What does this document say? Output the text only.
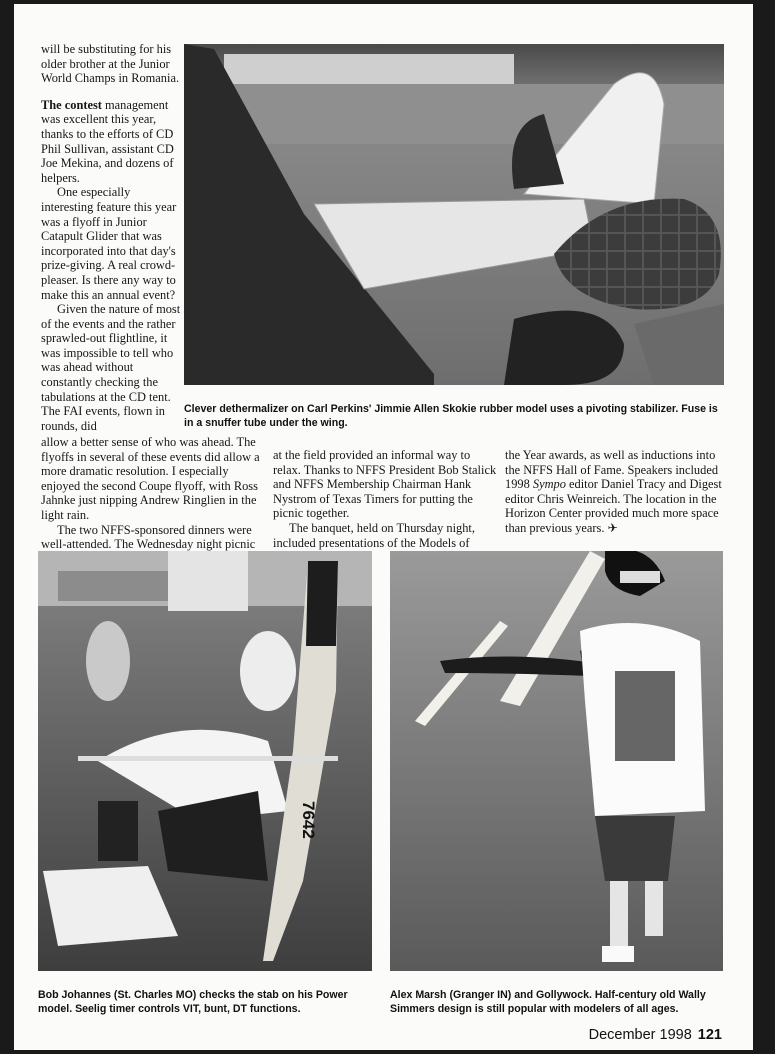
will be substituting for his older brother at the Junior World Champs in Romania.

The contest management was excellent this year, thanks to the efforts of CD Phil Sullivan, assistant CD Joe Mekina, and dozens of helpers.

One especially interesting feature this year was a flyoff in Junior Catapult Glider that was incorporated into that day's prize-giving. A real crowd-pleaser. Is there any way to make this an annual event?

Given the nature of most of the events and the rather sprawled-out flightline, it was impossible to tell who was ahead without constantly checking the tabulations at the CD tent. The FAI events, flown in rounds, did

Clever dethermalizer on Carl Perkins' Jimmie Allen Skokie rubber model uses a pivoting stabilizer. Fuse is in a snuffer tube under the wing.

allow a better sense of who was ahead. The flyoffs in several of these events did allow a more dramatic resolution. I especially enjoyed the second Coupe flyoff, with Ross Jahnke just nipping Andrew Ringlien in the light rain.

The two NFFS-sponsored dinners were well-attended. The Wednesday night picnic

at the field provided an informal way to relax. Thanks to NFFS President Bob Stalick and NFFS Membership Chairman Hank Nystrom of Texas Timers for putting the picnic together.

The banquet, held on Thursday night, included presentations of the Models of

the Year awards, as well as inductions into the NFFS Hall of Fame. Speakers included 1998 Sympo editor Daniel Tracy and Digest editor Chris Weinreich. The location in the Horizon Center provided much more space than previous years. ✈

7642
Bob Johannes (St. Charles MO) checks the stab on his Power model. Seelig timer controls VIT, bunt, DT functions.
Alex Marsh (Granger IN) and Gollywock. Half-century old Wally Simmers design is still popular with modelers of all ages.
December 1998 121
